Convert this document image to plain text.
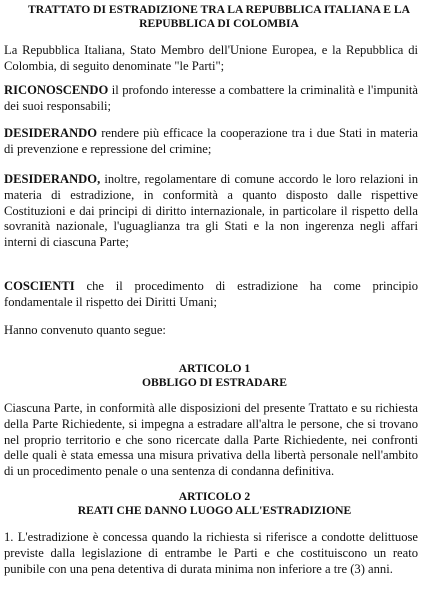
TRATTATO DI ESTRADIZIONE TRA LA REPUBBLICA ITALIANA E LA REPUBBLICA DI COLOMBIA

La Repubblica Italiana, Stato Membro dell'Unione Europea, e la Repubblica di Colombia, di seguito denominate "le Parti";

RICONOSCENDO il profondo interesse a combattere la criminalità e l'impunità dei suoi responsabili;

DESIDERANDO rendere più efficace la cooperazione tra i due Stati in materia di prevenzione e repressione del crimine;

DESIDERANDO, inoltre, regolamentare di comune accordo le loro relazioni in materia di estradizione, in conformità a quanto disposto dalle rispettive Costituzioni e dai principi di diritto internazionale, in particolare il rispetto della sovranità nazionale, l'uguaglianza tra gli Stati e la non ingerenza negli affari interni di ciascuna Parte;

COSCIENTI che il procedimento di estradizione ha come principio fondamentale il rispetto dei Diritti Umani;

Hanno convenuto quanto segue:

ARTICOLO 1
OBBLIGO DI ESTRADARE

Ciascuna Parte, in conformità alle disposizioni del presente Trattato e su richiesta della Parte Richiedente, si impegna a estradare all'altra le persone, che si trovano nel proprio territorio e che sono ricercate dalla Parte Richiedente, nei confronti delle quali è stata emessa una misura privativa della libertà personale nell'ambito di un procedimento penale o una sentenza di condanna definitiva.

ARTICOLO 2
REATI CHE DANNO LUOGO ALL'ESTRADIZIONE

1. L'estradizione è concessa quando la richiesta si riferisce a condotte delittuose previste dalla legislazione di entrambe le Parti e che costituiscono un reato punibile con una pena detentiva di durata minima non inferiore a tre (3) anni.
